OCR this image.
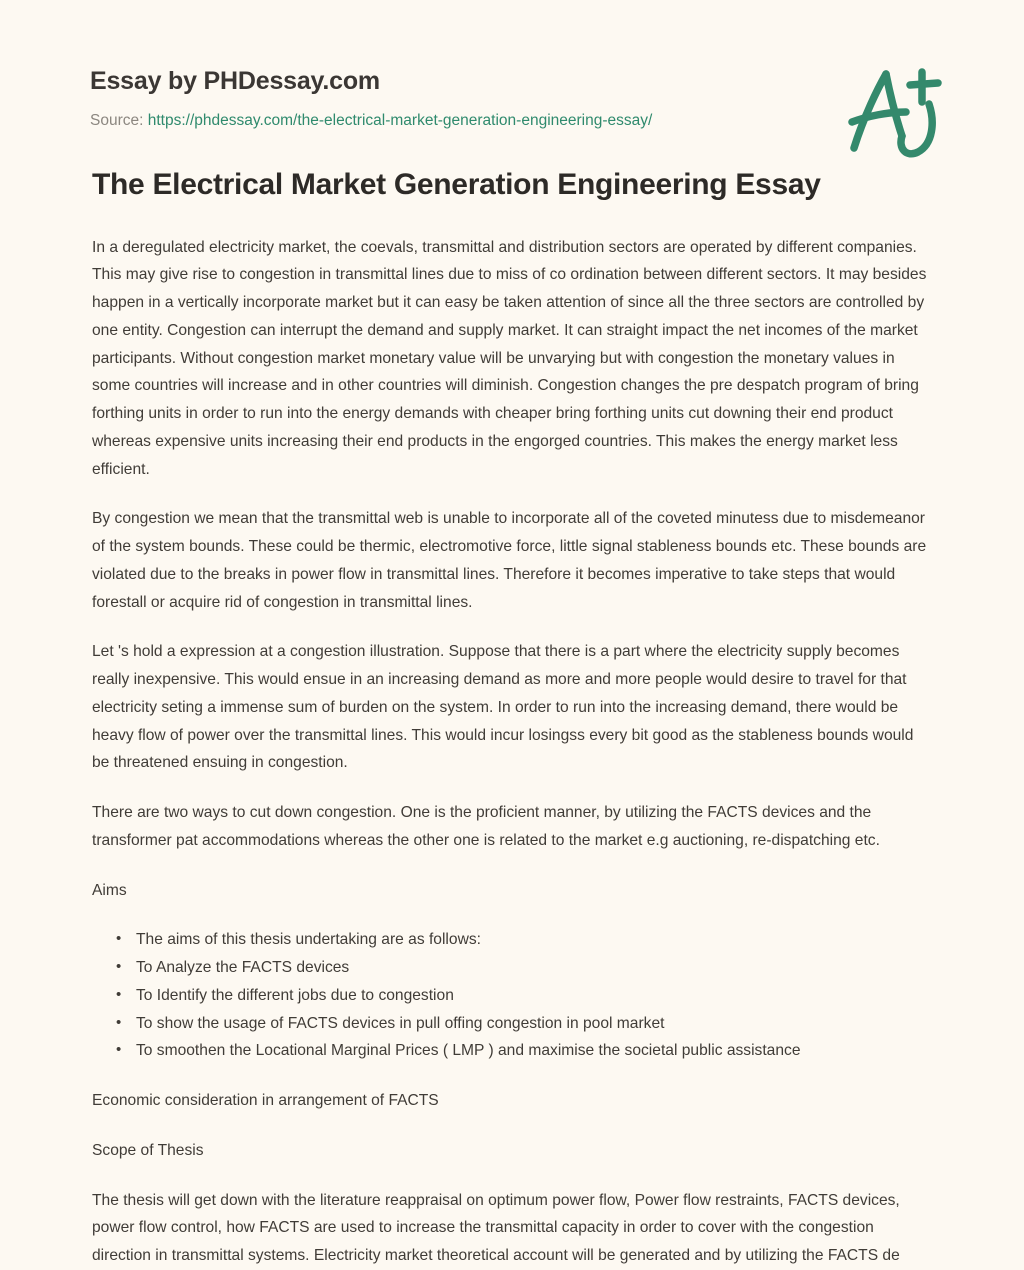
Essay by PHDessay.com
Source: https://phdessay.com/the-electrical-market-generation-engineering-essay/
The Electrical Market Generation Engineering Essay

In a deregulated electricity market, the coevals, transmittal and distribution sectors are operated by different companies. This may give rise to congestion in transmittal lines due to miss of co ordination between different sectors. It may besides happen in a vertically incorporate market but it can easy be taken attention of since all the three sectors are controlled by one entity. Congestion can interrupt the demand and supply market. It can straight impact the net incomes of the market participants. Without congestion market monetary value will be unvarying but with congestion the monetary values in some countries will increase and in other countries will diminish. Congestion changes the pre despatch program of bring forthing units in order to run into the energy demands with cheaper bring forthing units cut downing their end product whereas expensive units increasing their end products in the engorged countries. This makes the energy market less efficient.

By congestion we mean that the transmittal web is unable to incorporate all of the coveted minutess due to misdemeanor of the system bounds. These could be thermic, electromotive force, little signal stableness bounds etc. These bounds are violated due to the breaks in power flow in transmittal lines. Therefore it becomes imperative to take steps that would forestall or acquire rid of congestion in transmittal lines.

Let 's hold a expression at a congestion illustration. Suppose that there is a part where the electricity supply becomes really inexpensive. This would ensue in an increasing demand as more and more people would desire to travel for that electricity seting a immense sum of burden on the system. In order to run into the increasing demand, there would be heavy flow of power over the transmittal lines. This would incur losingss every bit good as the stableness bounds would be threatened ensuing in congestion.

There are two ways to cut down congestion. One is the proficient manner, by utilizing the FACTS devices and the transformer pat accommodations whereas the other one is related to the market e.g auctioning, re-dispatching etc.

Aims

• The aims of this thesis undertaking are as follows:
• To Analyze the FACTS devices
• To Identify the different jobs due to congestion
• To show the usage of FACTS devices in pull offing congestion in pool market
• To smoothen the Locational Marginal Prices ( LMP ) and maximise the societal public assistance

Economic consideration in arrangement of FACTS

Scope of Thesis

The thesis will get down with the literature reappraisal on optimum power flow, Power flow restraints, FACTS devices, power flow control, how FACTS are used to increase the transmittal capacity in order to cover with the congestion direction in transmittal systems. Electricity market theoretical account will be generated and by utilizing the FACTS de
